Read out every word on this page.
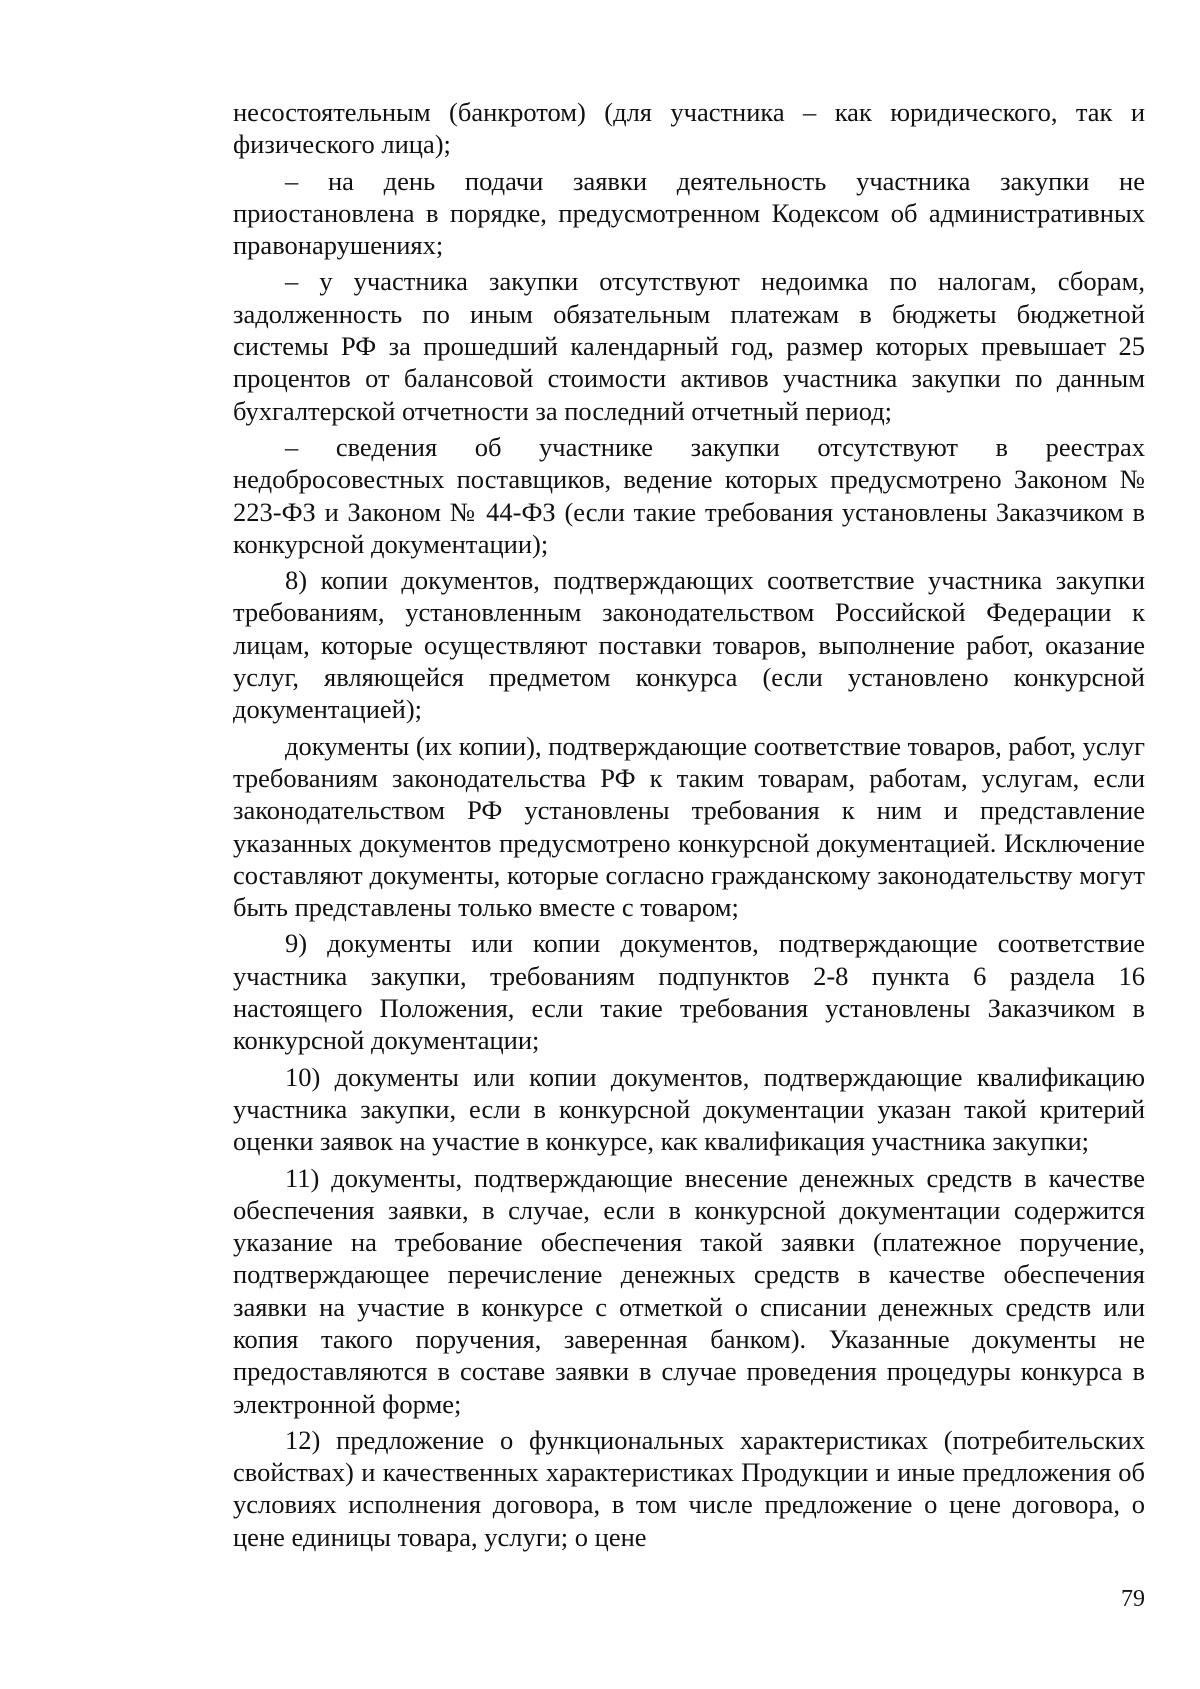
несостоятельным (банкротом) (для участника – как юридического, так и физического лица);

– на день подачи заявки деятельность участника закупки не приостановлена в порядке, предусмотренном Кодексом об административных правонарушениях;

– у участника закупки отсутствуют недоимка по налогам, сборам, задолженность по иным обязательным платежам в бюджеты бюджетной системы РФ за прошедший календарный год, размер которых превышает 25 процентов от балансовой стоимости активов участника закупки по данным бухгалтерской отчетности за последний отчетный период;

– сведения об участнике закупки отсутствуют в реестрах недобросовестных поставщиков, ведение которых предусмотрено Законом № 223-ФЗ и Законом № 44-ФЗ (если такие требования установлены Заказчиком в конкурсной документации);

8) копии документов, подтверждающих соответствие участника закупки требованиям, установленным законодательством Российской Федерации к лицам, которые осуществляют поставки товаров, выполнение работ, оказание услуг, являющейся предметом конкурса (если установлено конкурсной документацией);

документы (их копии), подтверждающие соответствие товаров, работ, услуг требованиям законодательства РФ к таким товарам, работам, услугам, если законодательством РФ установлены требования к ним и представление указанных документов предусмотрено конкурсной документацией. Исключение составляют документы, которые согласно гражданскому законодательству могут быть представлены только вместе с товаром;

9) документы или копии документов, подтверждающие соответствие участника закупки, требованиям подпунктов 2-8 пункта 6 раздела 16 настоящего Положения, если такие требования установлены Заказчиком в конкурсной документации;

10) документы или копии документов, подтверждающие квалификацию участника закупки, если в конкурсной документации указан такой критерий оценки заявок на участие в конкурсе, как квалификация участника закупки;

11) документы, подтверждающие внесение денежных средств в качестве обеспечения заявки, в случае, если в конкурсной документации содержится указание на требование обеспечения такой заявки (платежное поручение, подтверждающее перечисление денежных средств в качестве обеспечения заявки на участие в конкурсе с отметкой о списании денежных средств или копия такого поручения, заверенная банком). Указанные документы не предоставляются в составе заявки в случае проведения процедуры конкурса в электронной форме;

12) предложение о функциональных характеристиках (потребительских свойствах) и качественных характеристиках Продукции и иные предложения об условиях исполнения договора, в том числе предложение о цене договора, о цене единицы товара, услуги; о цене

79
